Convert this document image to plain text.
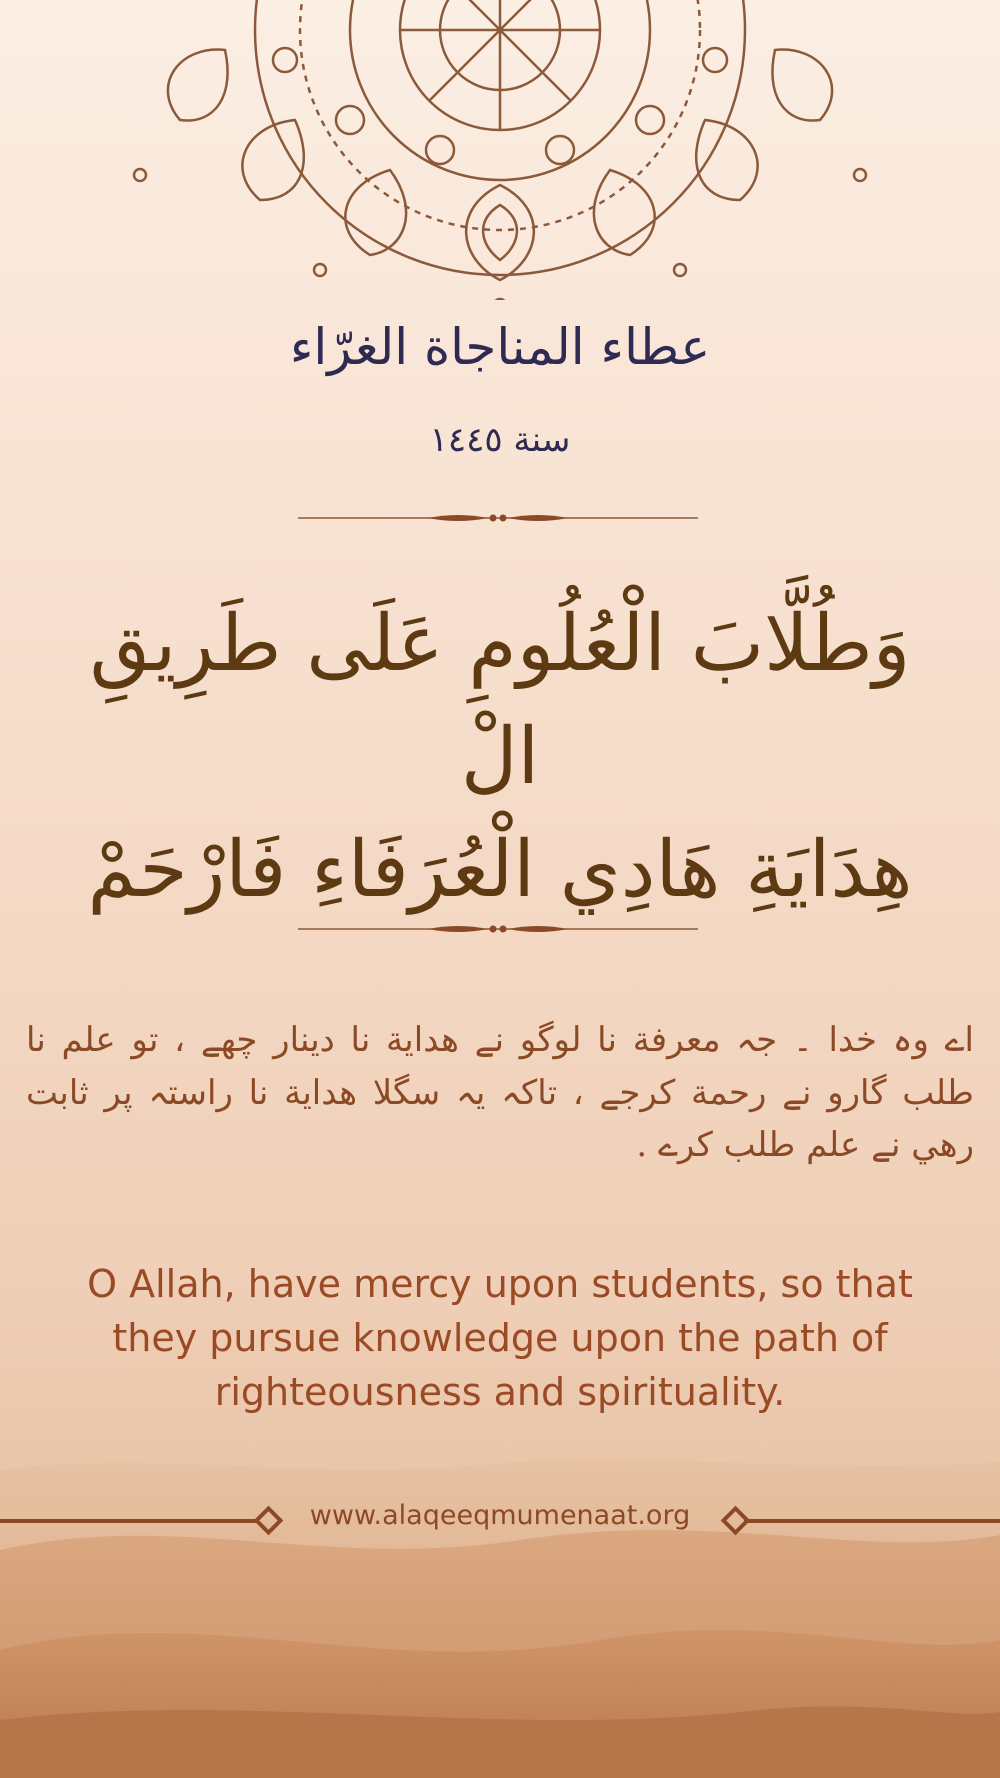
عطاء المناجاة الغرّاء
سنة ١٤٤٥
وَطُلَّابَ الْعُلُومِ عَلَى طَرِيقِ الْ
هِدَايَةِ هَادِي الْعُرَفَاءِ فَارْحَمْ
اے وہ خدا ۔ جہ معرفة نا لوگو نے هداية نا دينار چھے ، تو علم نا طلب گارو نے رحمة کرجے ، تاکہ یہ سگلا هداية نا راستہ پر ثابت رھي نے علم طلب کرے .
O Allah, have mercy upon students, so that they pursue knowledge upon the path of righteousness and spirituality.
www.alaqeeqmumenaat.org
